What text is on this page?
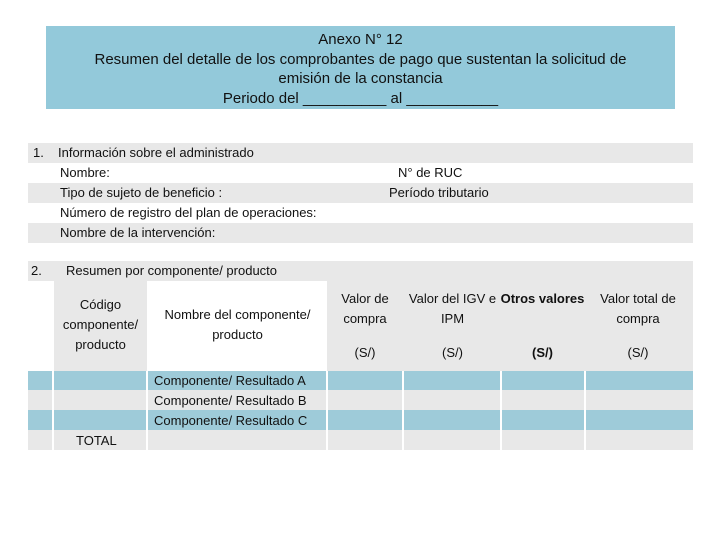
Anexo N° 12
Resumen del detalle de los comprobantes de pago que sustentan la solicitud de
emisión de la constancia
Periodo del __________ al ___________
1. Información sobre el administrado
Nombre:	N° de RUC
Tipo de sujeto de beneficio :	Período tributario
Número de registro del plan de operaciones:
Nombre de la intervención:
2. Resumen por componente/ producto
Código componente/ producto
Nombre del componente/ producto
Valor de compra
(S/)
Valor del IGV e IPM
(S/)
Otros valores
(S/)
Valor total de compra
(S/)
Componente/ Resultado A
Componente/ Resultado B
Componente/ Resultado C
TOTAL
